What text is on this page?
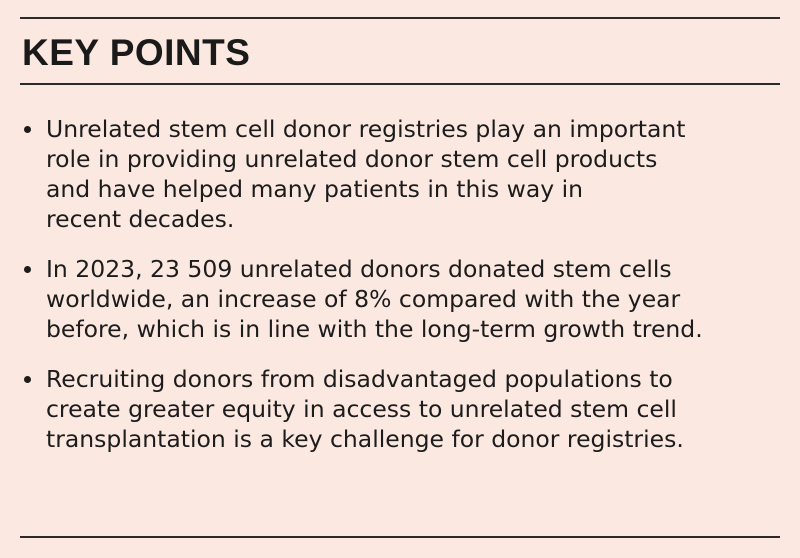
KEY POINTS
Unrelated stem cell donor registries play an important
role in providing unrelated donor stem cell products
and have helped many patients in this way in
recent decades.
In 2023, 23 509 unrelated donors donated stem cells
worldwide, an increase of 8% compared with the year
before, which is in line with the long-term growth trend.
Recruiting donors from disadvantaged populations to
create greater equity in access to unrelated stem cell
transplantation is a key challenge for donor registries.
